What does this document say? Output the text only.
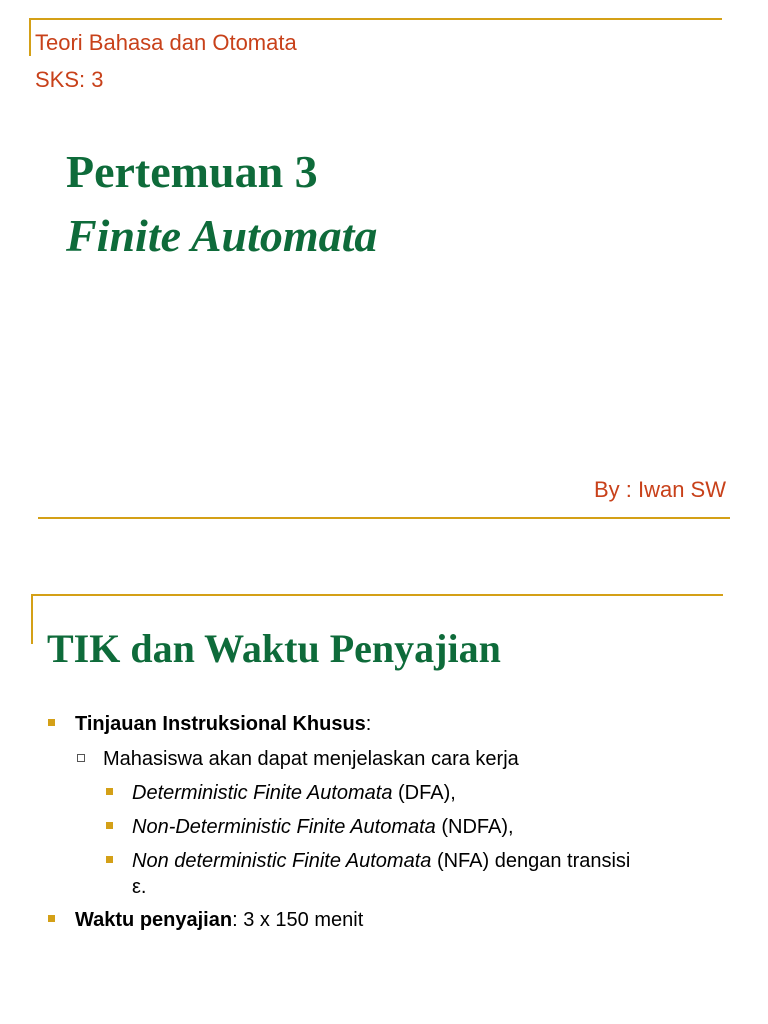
Teori Bahasa dan Otomata
SKS: 3
Pertemuan 3
Finite Automata
By : Iwan SW
TIK dan Waktu Penyajian
Tinjauan Instruksional Khusus:
Mahasiswa akan dapat menjelaskan cara kerja
Deterministic Finite Automata (DFA),
Non-Deterministic Finite Automata (NDFA),
Non deterministic Finite Automata (NFA) dengan transisi
ε.
Waktu penyajian: 3 x 150 menit
